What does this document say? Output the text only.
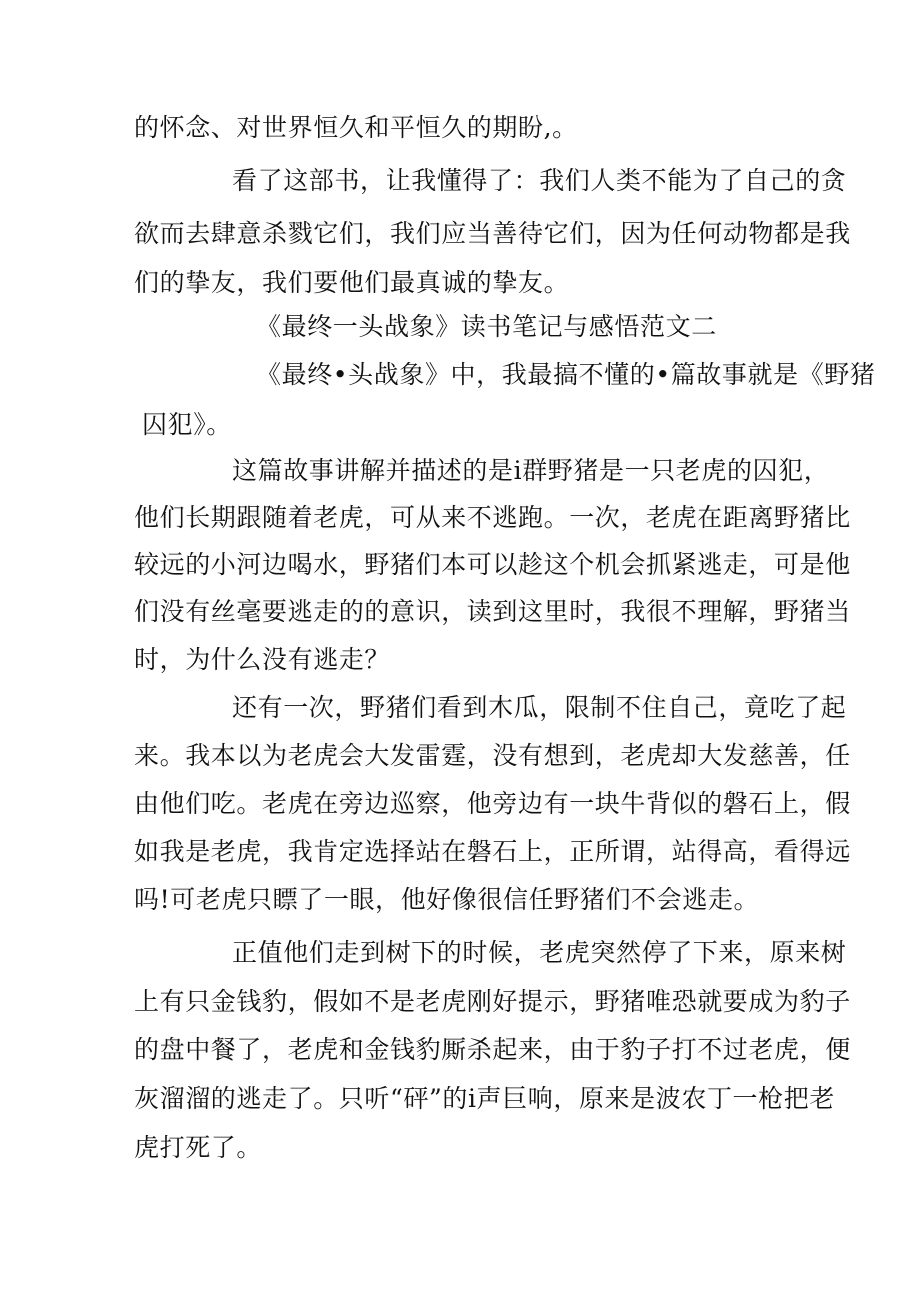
的怀念、对世界恒久和平恒久的期盼,。
看了这部书，让我懂得了：我们人类不能为了自己的贪
欲而去肆意杀戮它们，我们应当善待它们，因为任何动物都是我
们的挚友，我们要他们最真诚的挚友。
《最终一头战象》读书笔记与感悟范文二
《最终•头战象》中，我最搞不懂的•篇故事就是《野猪
囚犯》。
这篇故事讲解并描述的是i群野猪是一只老虎的囚犯，
他们长期跟随着老虎，可从来不逃跑。一次，老虎在距离野猪比
较远的小河边喝水，野猪们本可以趁这个机会抓紧逃走，可是他
们没有丝毫要逃走的的意识，读到这里时，我很不理解，野猪当
时，为什么没有逃走？
还有一次，野猪们看到木瓜，限制不住自己，竟吃了起
来。我本以为老虎会大发雷霆，没有想到，老虎却大发慈善，任
由他们吃。老虎在旁边巡察，他旁边有一块牛背似的磐石上，假
如我是老虎，我肯定选择站在磐石上，正所谓，站得高，看得远
吗!可老虎只瞟了一眼，他好像很信任野猪们不会逃走。
正值他们走到树下的时候，老虎突然停了下来，原来树
上有只金钱豹，假如不是老虎刚好提示，野猪唯恐就要成为豹子
的盘中餐了，老虎和金钱豹厮杀起来，由于豹子打不过老虎，便
灰溜溜的逃走了。只听“砰”的i声巨响，原来是波农丁一枪把老
虎打死了。
